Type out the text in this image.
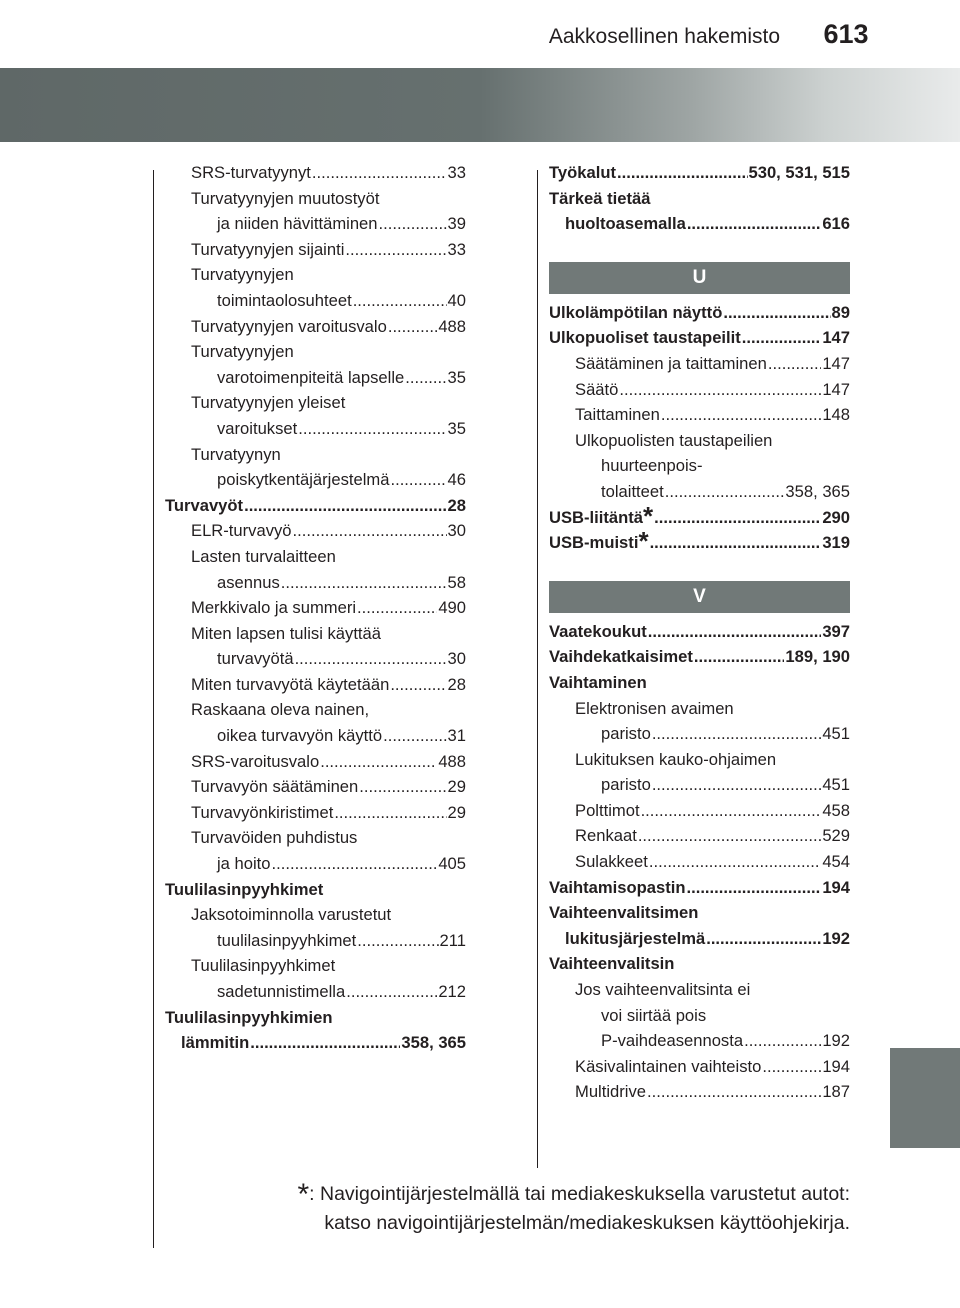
613
Aakkosellinen hakemisto
SRS-turvatyynyt .....	33
Turvatyynyjen muutostyöt
ja niiden hävittäminen .....	39
Turvatyynyjen sijainti .....	33
Turvatyynyjen
toimintaolosuhteet .....	40
Turvatyynyjen varoitusvalo .....	488
Turvatyynyjen
varotoimenpiteitä lapselle .....	35
Turvatyynyjen yleiset
varoitukset .....	35
Turvatyynyn
poiskytkentäjärjestelmä .....	46
Turvavyöt .....	28
ELR-turvavyö .....	30
Lasten turvalaitteen
asennus .....	58
Merkkivalo ja summeri .....	490
Miten lapsen tulisi käyttää
turvavyötä .....	30
Miten turvavyötä käytetään .....	28
Raskaana oleva nainen,
oikea turvavyön käyttö .....	31
SRS-varoitusvalo .....	488
Turvavyön säätäminen .....	29
Turvavyönkiristimet .....	29
Turvavöiden puhdistus
ja hoito .....	405
Tuulilasinpyyhkimet
Jaksotoiminnolla varustetut
tuulilasinpyyhkimet .....	211
Tuulilasinpyyhkimet
sadetunnistimella .....	212
Tuulilasinpyyhkimien
lämmitin .....	358, 365
Työkalut .....	530, 531, 515
Tärkeä tietää
huoltoasemalla .....	616
U
Ulkolämpötilan näyttö .....	89
Ulkopuoliset taustapeilit .....	147
Säätäminen ja taittaminen .....	147
Säätö .....	147
Taittaminen .....	148
Ulkopuolisten taustapeilien
huurteenpois-
tolaitteet .....	358, 365
USB-liitäntä* .....	290
USB-muisti* .....	319
V
Vaatekoukut .....	397
Vaihdekatkaisimet .....	189, 190
Vaihtaminen
Elektronisen avaimen
paristo .....	451
Lukituksen kauko-ohjaimen
paristo .....	451
Polttimot .....	458
Renkaat .....	529
Sulakkeet .....	454
Vaihtamisopastin .....	194
Vaihteenvalitsimen
lukitusjärjestelmä .....	192
Vaihteenvalitsin
Jos vaihteenvalitsinta ei
voi siirtää pois
P-vaihdeasennosta .....	192
Käsivalintainen vaihteisto .....	194
Multidrive .....	187
*: Navigointijärjestelmällä tai mediakeskuksella varustetut autot:
katso navigointijärjestelmän/mediakeskuksen käyttöohjekirja.
